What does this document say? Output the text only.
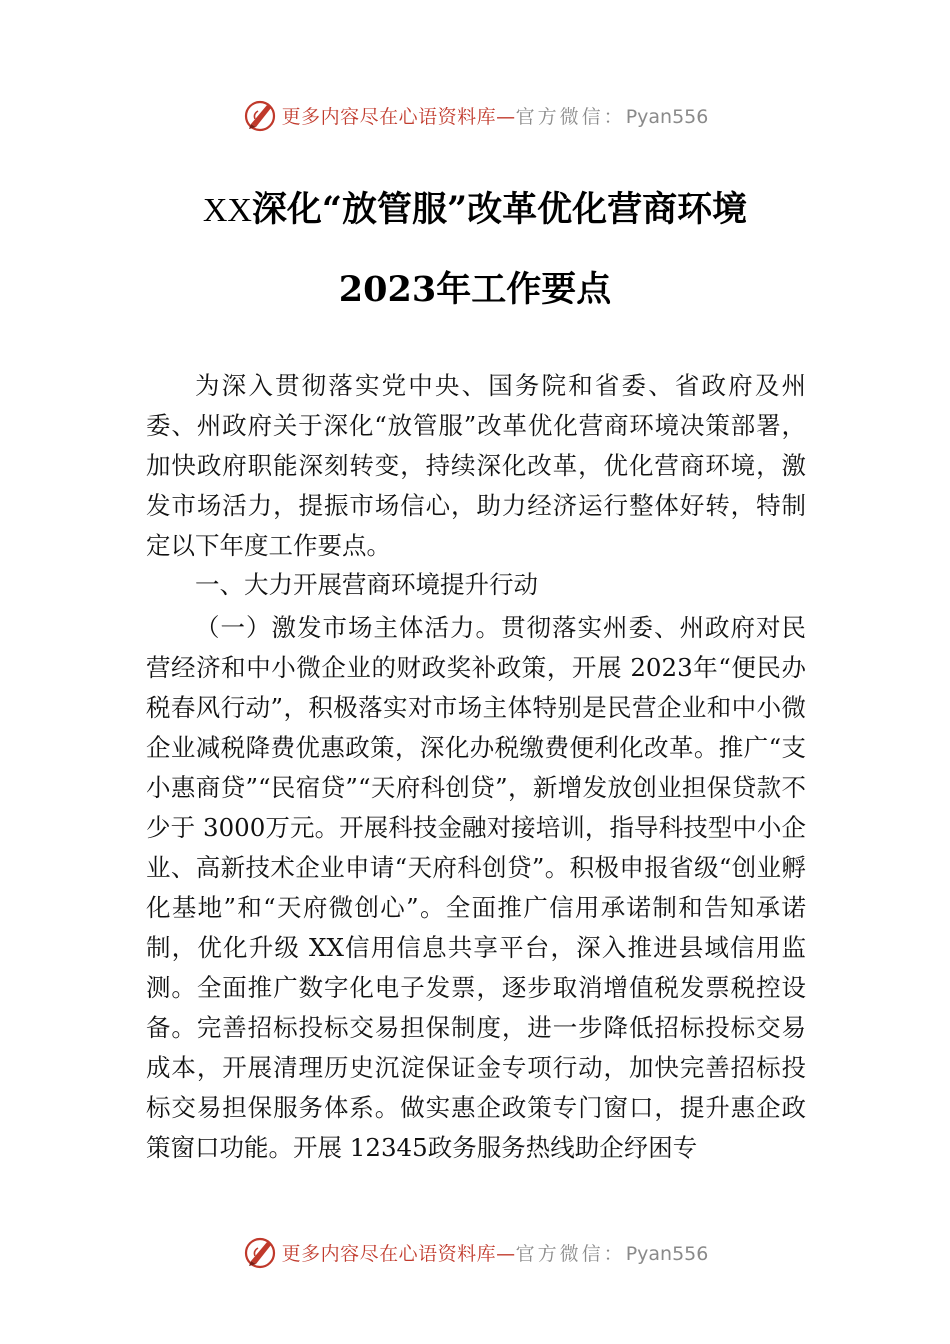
更多内容尽在心语资料库—官方微信：Pyan556
XX深化“放管服”改革优化营商环境
2023年工作要点

为深入贯彻落实党中央、国务院和省委、省政府及州委、州政府关于深化“放管服”改革优化营商环境决策部署，加快政府职能深刻转变，持续深化改革，优化营商环境，激发市场活力，提振市场信心，助力经济运行整体好转，特制定以下年度工作要点。

一、大力开展营商环境提升行动

（一）激发市场主体活力。贯彻落实州委、州政府对民营经济和中小微企业的财政奖补政策，开展 2023年“便民办税春风行动”，积极落实对市场主体特别是民营企业和中小微企业减税降费优惠政策，深化办税缴费便利化改革。推广“支小惠商贷”“民宿贷”“天府科创贷”，新增发放创业担保贷款不少于 3000万元。开展科技金融对接培训，指导科技型中小企业、高新技术企业申请“天府科创贷”。积极申报省级“创业孵化基地”和“天府微创⼼”。全面推广信用承诺制和告知承诺制，优化升级 XX信用信息共享平台，深入推进县域信用监测。全面推广数字化电子发票，逐步取消增值税发票税控设备。完善招标投标交易担保制度，进一步降低招标投标交易成本，开展清理历史沉淀保证金专项行动，加快完善招标投标交易担保服务体系。做实惠企政策专门窗口，提升惠企政策窗口功能。开展 12345政务服务热线助企纾困专

更多内容尽在心语资料库—官方微信：Pyan556
